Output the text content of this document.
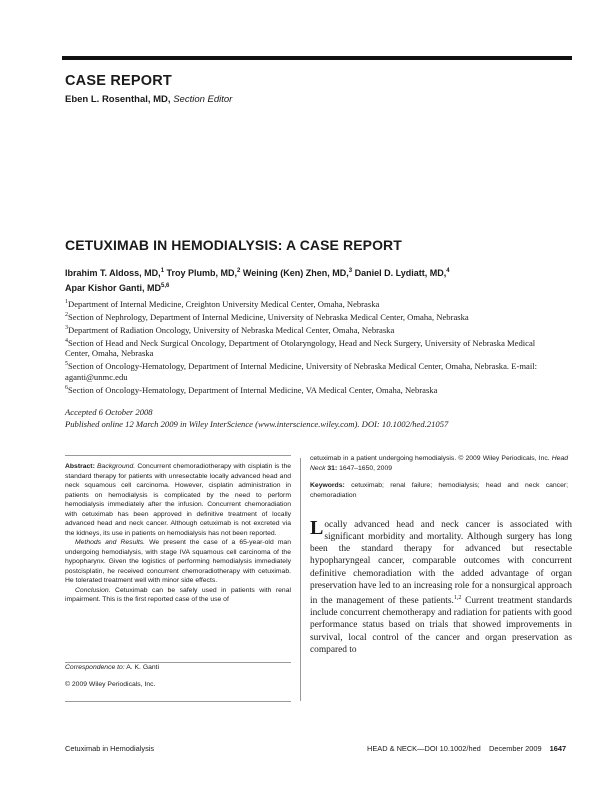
CASE REPORT
Eben L. Rosenthal, MD, Section Editor
CETUXIMAB IN HEMODIALYSIS: A CASE REPORT
Ibrahim T. Aldoss, MD,$^1$ Troy Plumb, MD,$^2$ Weining (Ken) Zhen, MD,$^3$ Daniel D. Lydiatt, MD,$^4$
Apar Kishor Ganti, MD$^{5,6}$

$^1$Department of Internal Medicine, Creighton University Medical Center, Omaha, Nebraska

$^2$Section of Nephrology, Department of Internal Medicine, University of Nebraska Medical Center, Omaha, Nebraska

$^3$Department of Radiation Oncology, University of Nebraska Medical Center, Omaha, Nebraska

$^4$Section of Head and Neck Surgical Oncology, Department of Otolaryngology, Head and Neck Surgery, University of Nebraska Medical Center, Omaha, Nebraska

$^5$Section of Oncology-Hematology, Department of Internal Medicine, University of Nebraska Medical Center, Omaha, Nebraska. E-mail: aganti@unmc.edu

$^6$Section of Oncology-Hematology, Department of Internal Medicine, VA Medical Center, Omaha, Nebraska

Accepted 6 October 2008

Published online 12 March 2009 in Wiley InterScience (www.interscience.wiley.com). DOI: 10.1002/hed.21057

Abstract: Background. Concurrent chemoradiotherapy with cisplatin is the standard therapy for patients with unresectable locally advanced head and neck squamous cell carcinoma. However, cisplatin administration in patients on hemodialysis is complicated by the need to perform hemodialysis immediately after the infusion. Concurrent chemoradiation with cetuximab has been approved in definitive treatment of locally advanced head and neck cancer. Although cetuximab is not excreted via the kidneys, its use in patients on hemodialysis has not been reported.

Methods and Results. We present the case of a 65-year-old man undergoing hemodialysis, with stage IVA squamous cell carcinoma of the hypopharynx. Given the logistics of performing hemodialysis immediately postcisplatin, he received concurrent chemoradiotherapy with cetuximab. He tolerated treatment well with minor side effects.

Conclusion. Cetuximab can be safely used in patients with renal impairment. This is the first reported case of the use of

Correspondence to: A. K. Ganti
© 2009 Wiley Periodicals, Inc.

cetuximab in a patient undergoing hemodialysis. © 2009 Wiley Periodicals, Inc. Head Neck 31: 1647–1650, 2009

Keywords: cetuximab; renal failure; hemodialysis; head and neck cancer; chemoradiation

Locally advanced head and neck cancer is associated with significant morbidity and mortality. Although surgery has long been the standard therapy for advanced but resectable hypopharyngeal cancer, comparable outcomes with concurrent definitive chemoradiation with the added advantage of organ preservation have led to an increasing role for a nonsurgical approach in the management of these patients.$^{1,2}$ Current treatment standards include concurrent chemotherapy and radiation for patients with good performance status based on trials that showed improvements in survival, local control of the cancer and organ preservation as compared to
Cetuximab in Hemodialysis	HEAD & NECK—DOI 10.1002/hed December 2009 1647
